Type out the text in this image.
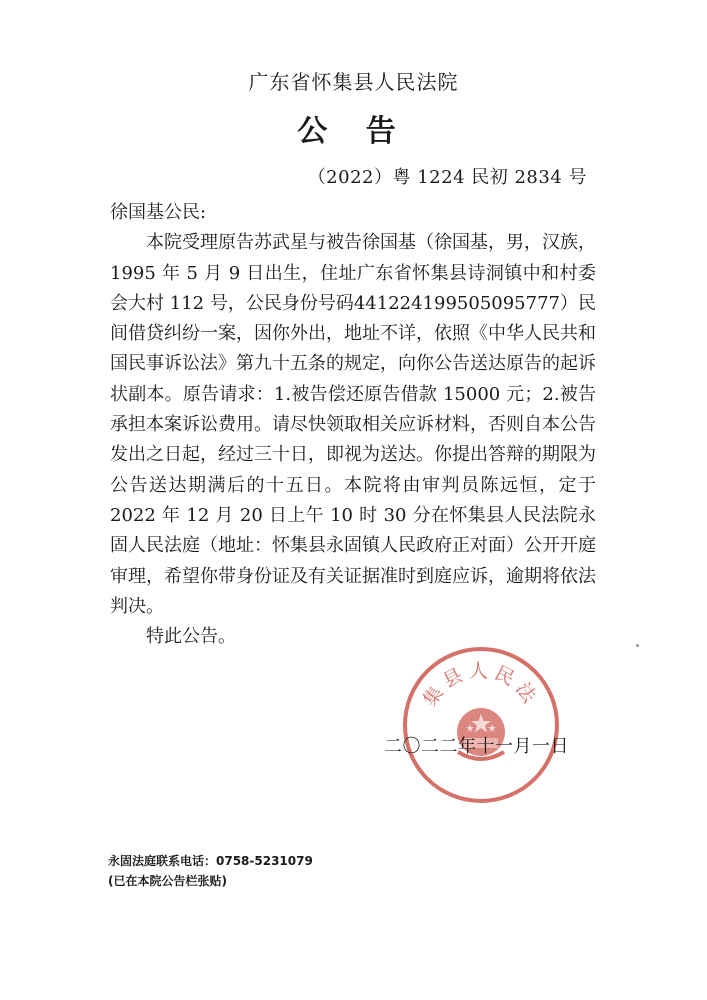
广东省怀集县人民法院
公 告
（2022）粤 1224 民初 2834 号

徐国基公民:

本院受理原告苏武星与被告徐国基（徐国基，男，汉族，1995 年 5 月 9 日出生，住址广东省怀集县诗洞镇中和村委会大村 112 号，公民身份号码441224199505095777）民间借贷纠纷一案，因你外出，地址不详，依照《中华人民共和国民事诉讼法》第九十五条的规定，向你公告送达原告的起诉状副本。原告请求：1.被告偿还原告借款 15000 元；2.被告承担本案诉讼费用。请尽快领取相关应诉材料，否则自本公告发出之日起，经过三十日，即视为送达。你提出答辩的期限为公告送达期满后的十五日。本院将由审判员陈远恒，定于 2022 年 12 月 20 日上午 10 时 30 分在怀集县人民法院永固人民法庭（地址：怀集县永固镇人民政府正对面）公开开庭审理，希望你带身份证及有关证据准时到庭应诉，逾期将依法判决。

特此公告。

集县人民法
二〇二二年十一月一日
永固法庭联系电话：0758-5231079
(已在本院公告栏张贴)
